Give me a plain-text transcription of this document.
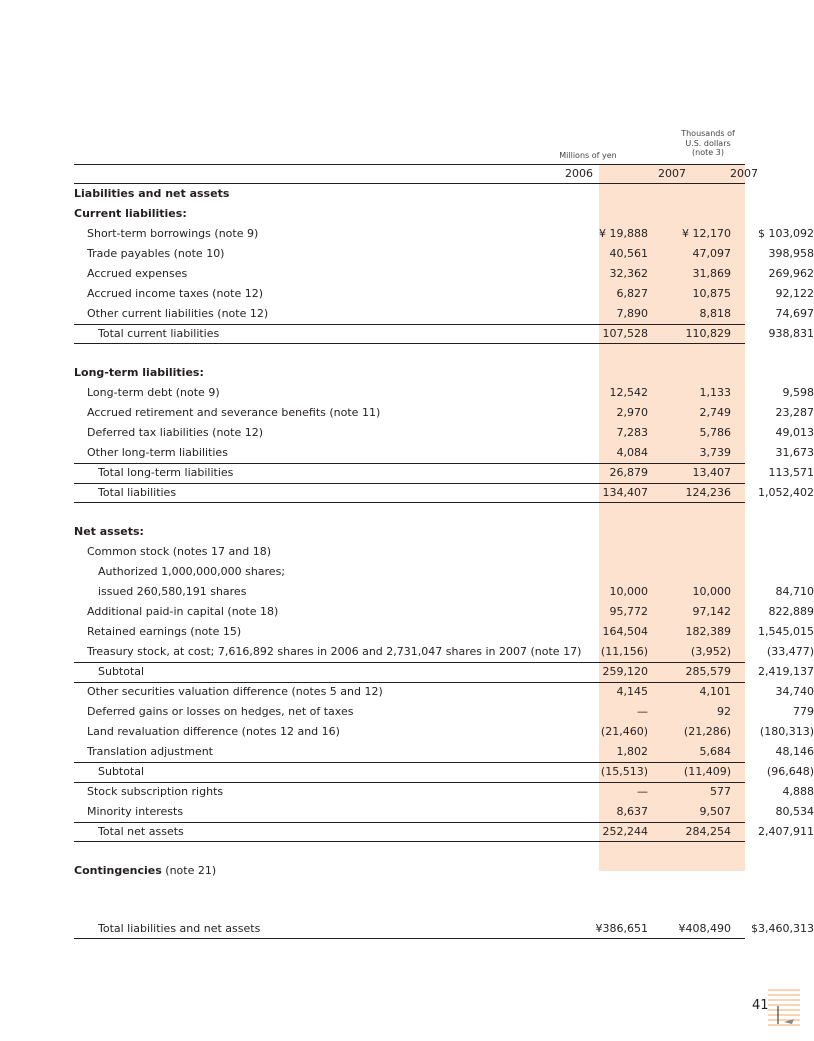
Thousands of
U.S. dollars
(note 3)
Millions of yen
2006	2007	2007
Liabilities and net assets
Current liabilities:
Short-term borrowings (note 9)	¥ 19,888	¥ 12,170	$ 103,092
Trade payables (note 10)	40,561	47,097	398,958
Accrued expenses	32,362	31,869	269,962
Accrued income taxes (note 12)	6,827	10,875	92,122
Other current liabilities (note 12)	7,890	8,818	74,697
Total current liabilities	107,528	110,829	938,831
Long-term liabilities:
Long-term debt (note 9)	12,542	1,133	9,598
Accrued retirement and severance benefits (note 11)	2,970	2,749	23,287
Deferred tax liabilities (note 12)	7,283	5,786	49,013
Other long-term liabilities	4,084	3,739	31,673
Total long-term liabilities	26,879	13,407	113,571
Total liabilities	134,407	124,236	1,052,402
Net assets:
Common stock (notes 17 and 18)
Authorized 1,000,000,000 shares;
issued 260,580,191 shares	10,000	10,000	84,710
Additional paid-in capital (note 18)	95,772	97,142	822,889
Retained earnings (note 15)	164,504	182,389	1,545,015
Treasury stock, at cost; 7,616,892 shares in 2006 and 2,731,047 shares in 2007 (note 17)	(11,156)	(3,952)	(33,477)
Subtotal	259,120	285,579	2,419,137
Other securities valuation difference (notes 5 and 12)	4,145	4,101	34,740
Deferred gains or losses on hedges, net of taxes	—	92	779
Land revaluation difference (notes 12 and 16)	(21,460)	(21,286)	(180,313)
Translation adjustment	1,802	5,684	48,146
Subtotal	(15,513)	(11,409)	(96,648)
Stock subscription rights	—	577	4,888
Minority interests	8,637	9,507	80,534
Total net assets	252,244	284,254	2,407,911
Contingencies (note 21)
Total liabilities and net assets	¥386,651	¥408,490	$3,460,313
41
